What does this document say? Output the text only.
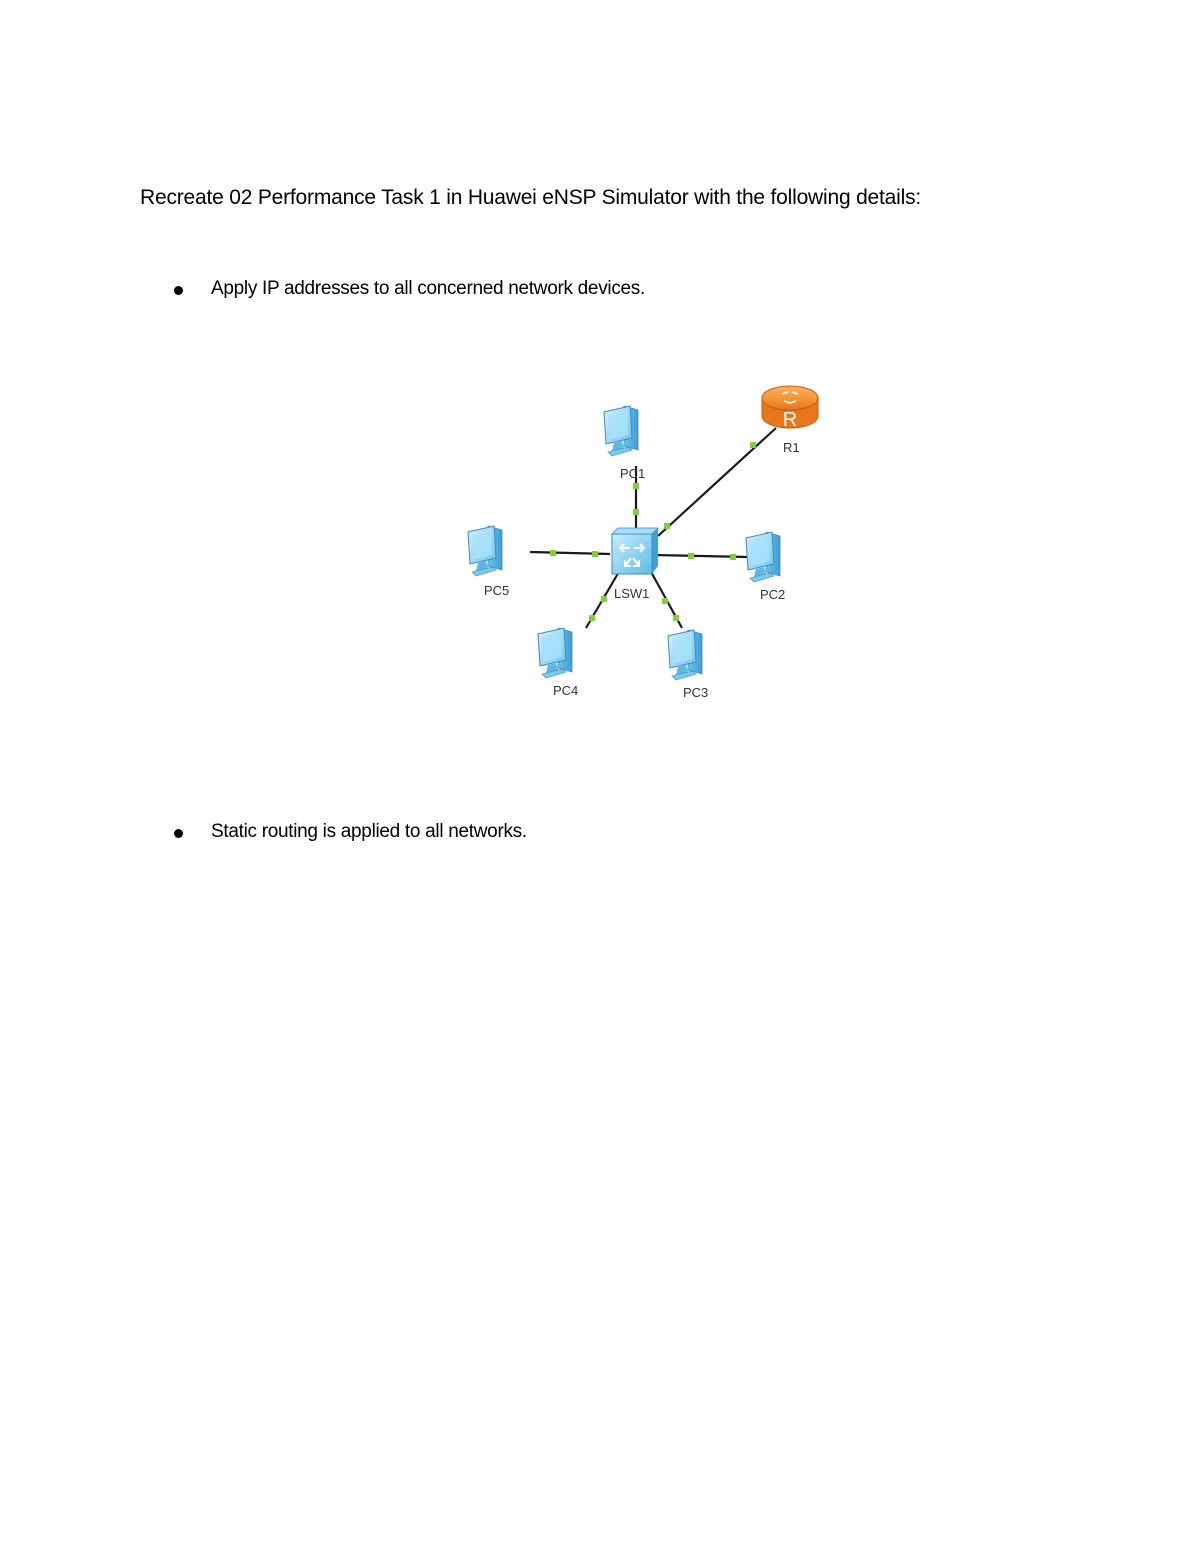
Recreate 02 Performance Task 1 in Huawei eNSP Simulator with the following details:
Apply IP addresses to all concerned network devices.
PC1
R
R1
LSW1	PC2
PC5
PC4	PC3
Static routing is applied to all networks.
